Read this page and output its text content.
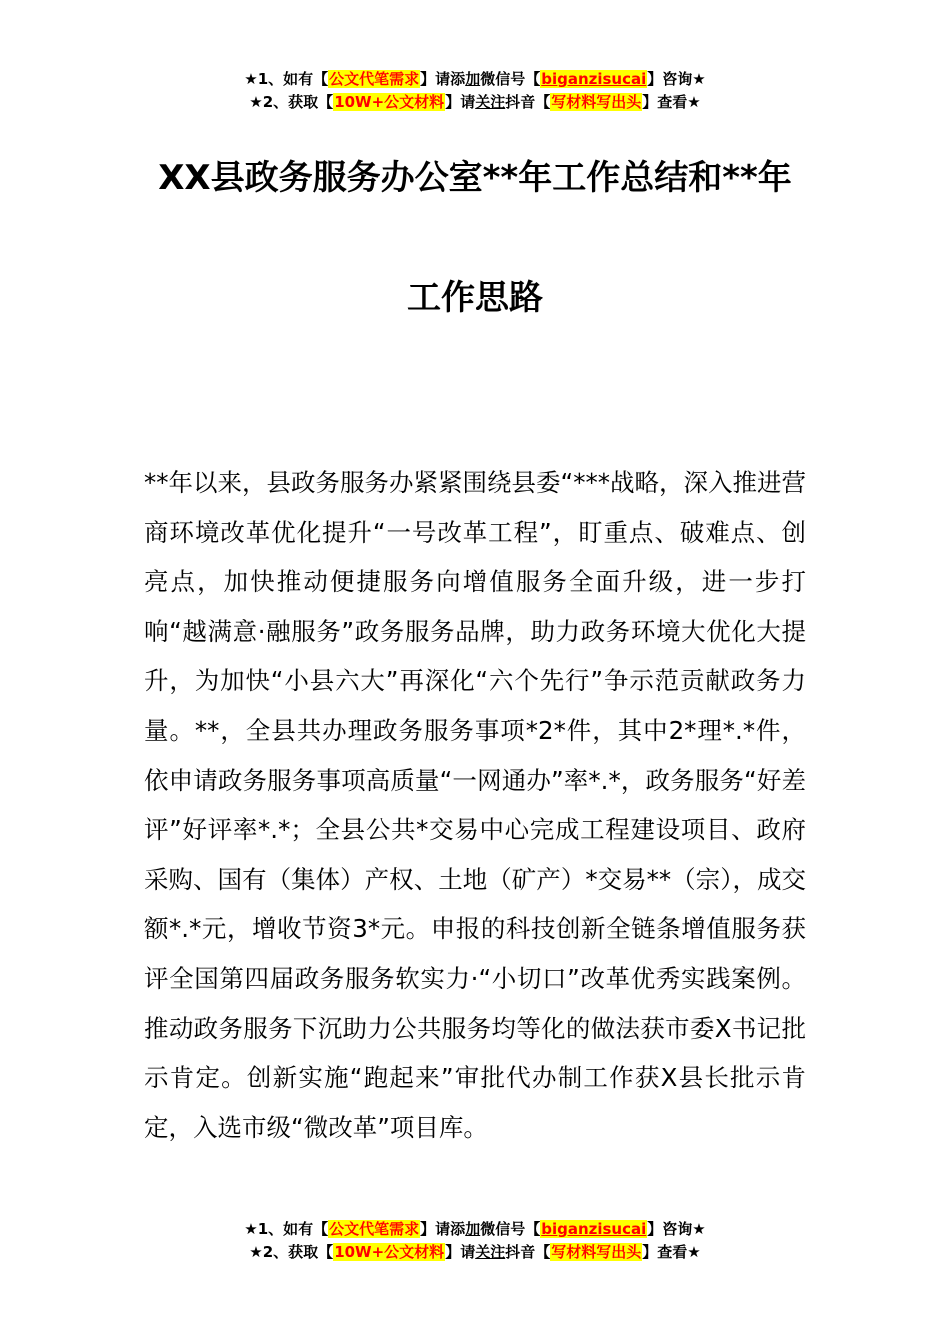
★1、如有【公文代笔需求】请添加微信号【biganzisucai】咨询★
★2、获取【10W+公文材料】请关注抖音【写材料写出头】查看★
XX县政务服务办公室**年工作总结和**年
工作思路

**年以来，县政务服务办紧紧围绕县委“***战略，深入推进营商环境改革优化提升“一号改革工程”，盯重点、破难点、创亮点，加快推动便捷服务向增值服务全面升级，进一步打响“越满意·融服务”政务服务品牌，助力政务环境大优化大提升，为加快“小县六大”再深化“六个先行”争示范贡献政务力量。**，全县共办理政务服务事项*2*件，其中2*理*.*件，依申请政务服务事项高质量“一网通办”率*.*，政务服务“好差评”好评率*.*；全县公共*交易中心完成工程建设项目、政府采购、国有（集体）产权、土地（矿产）*交易**（宗），成交额*.*元，增收节资3*元。申报的科技创新全链条增值服务获评全国第四届政务服务软实力·“小切口”改革优秀实践案例。推动政务服务下沉助力公共服务均等化的做法获市委X书记批示肯定。创新实施“跑起来”审批代办制工作获X县长批示肯定，入选市级“微改革”项目库。

★1、如有【公文代笔需求】请添加微信号【biganzisucai】咨询★
★2、获取【10W+公文材料】请关注抖音【写材料写出头】查看★
